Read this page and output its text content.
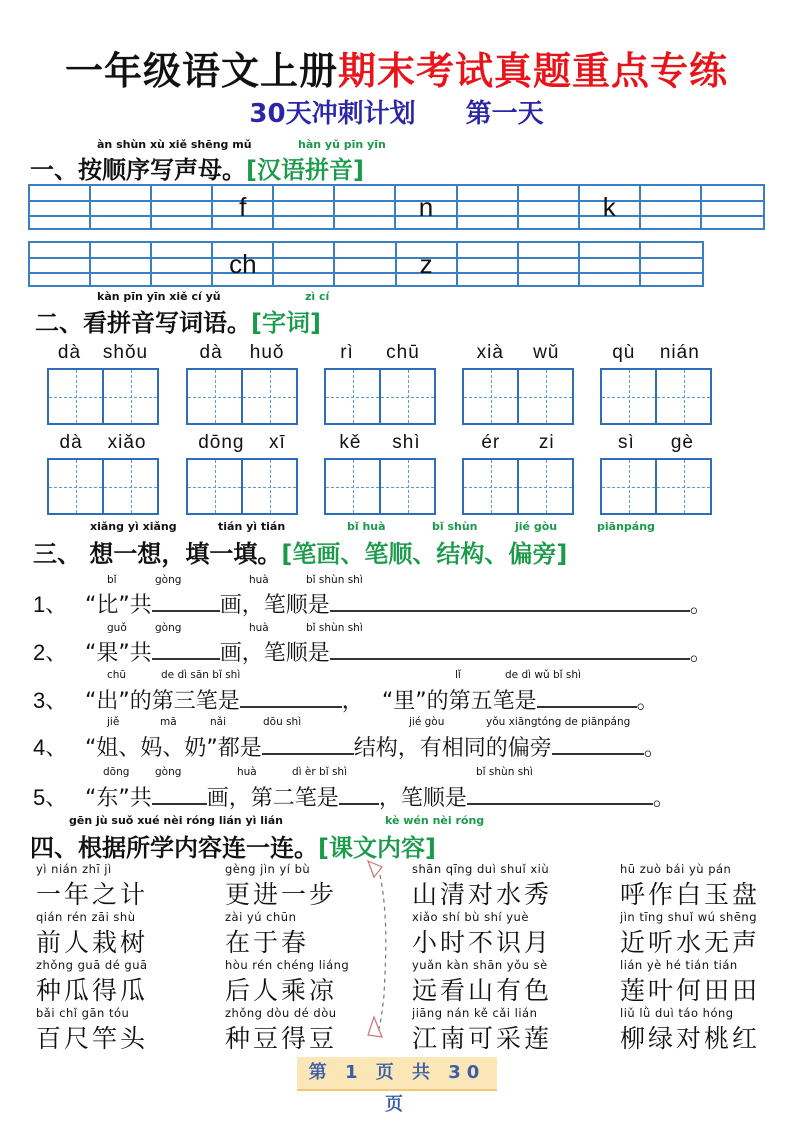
一年级语文上册期末考试真题重点专练
30天冲刺计划 第一天
àn shùn xù xiě shēng mǔ	hàn yǔ pīn yīn
一、按顺序写声母。[汉语拼音]
f	n	k
ch	z
kàn pīn yīn xiě cí yǔ	zì cí
二、看拼音写词语。[字词]
dà shǒu	dà huǒ	rì chū	xià wǔ	qù nián
dà xiǎo	dōng xī	kě shì	ér zi	sì gè
xiǎng yì xiǎng	tián yì tián	bǐ huà	bǐ shùn	jié gòu	piānpáng
三、 想一想，填一填。[笔画、笔顺、结构、偏旁]
bǐ	gòng	huà	bǐ shùn shì
1、 “比”共	画，笔顺是	。
guǒ	gòng	huà	bǐ shùn shì
2、 “果”共	画，笔顺是	。
chū	de dì sān bǐ shì	lǐ	de dì wǔ bǐ shì
3、 “出”的第三笔是	， “里”的第五笔是	。
jiě	mā	nǎi	dōu shì	jié gòu	yǒu xiāngtóng de piānpáng
4、 “姐、妈、奶”都是	结构，有相同的偏旁	。
dōng gòng	huà	dì èr bǐ shì	bǐ shùn shì
5、 “东”共	画，第二笔是 ，笔顺是	。
gēn jù suǒ xué nèi róng lián yì lián	kè wén nèi róng
四、根据所学内容连一连。[课文内容]
yì nián zhī jì
一年之计
qián rén zāi shù
前人栽树
zhǒng guā dé guā
种瓜得瓜
bǎi chǐ gān tóu
百尺竿头
gèng jìn yí bù
更进一步
zài yú chūn
在于春
hòu rén chéng liáng
后人乘凉
zhǒng dòu dé dòu
种豆得豆
shān qīng duì shuǐ xiù
山清对水秀
xiǎo shí bù shí yuè
小时不识月
yuǎn kàn shān yǒu sè
远看山有色
jiāng nán kě cǎi lián
江南可采莲
hū zuò bái yù pán
呼作白玉盘
jìn tīng shuǐ wú shēng
近听水无声
lián yè hé tián tián
莲叶何田田
liǔ lǜ duì táo hóng
柳绿对桃红
第 1 页 共 30 页
